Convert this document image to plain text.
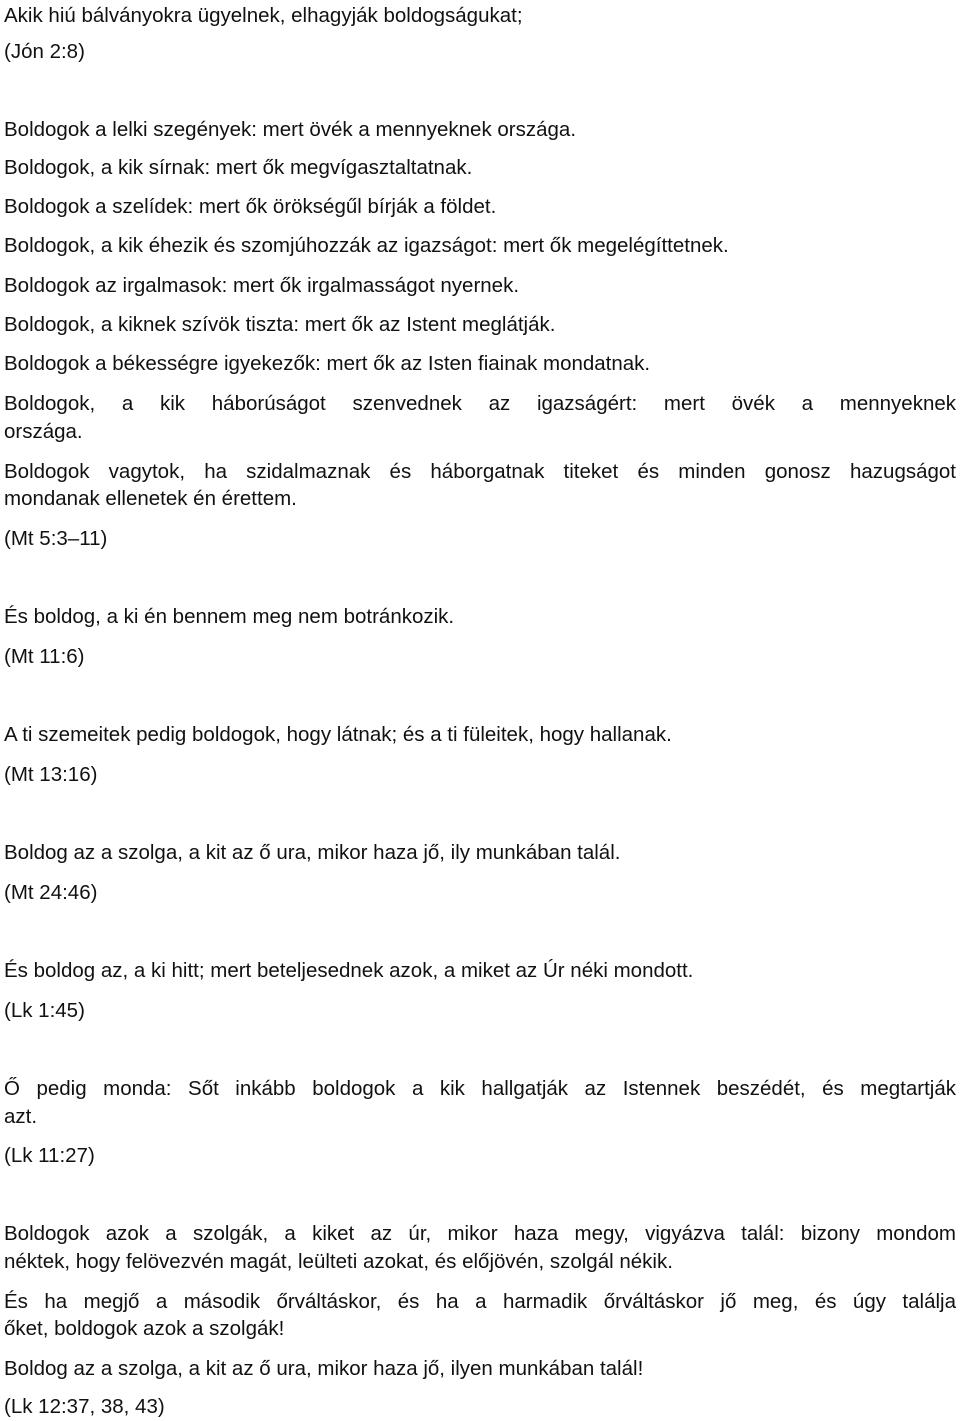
Akik hiú bálványokra ügyelnek, elhagyják boldogságukat;

(Jón 2:8)

Boldogok a lelki szegények: mert övék a mennyeknek országa.

Boldogok, a kik sírnak: mert ők megvígasztaltatnak.

Boldogok a szelídek: mert ők örökségűl bírják a földet.

Boldogok, a kik éhezik és szomjúhozzák az igazságot: mert ők megelégíttetnek.

Boldogok az irgalmasok: mert ők irgalmasságot nyernek.

Boldogok, a kiknek szívök tiszta: mert ők az Istent meglátják.

Boldogok a békességre igyekezők: mert ők az Isten fiainak mondatnak.

Boldogok, a kik háborúságot szenvednek az igazságért: mert övék a mennyeknek

országa.

Boldogok vagytok, ha szidalmaznak és háborgatnak titeket és minden gonosz hazugságot

mondanak ellenetek én érettem.

(Mt 5:3–11)

És boldog, a ki én bennem meg nem botránkozik.

(Mt 11:6)

A ti szemeitek pedig boldogok, hogy látnak; és a ti füleitek, hogy hallanak.

(Mt 13:16)

Boldog az a szolga, a kit az ő ura, mikor haza jő, ily munkában talál.

(Mt 24:46)

És boldog az, a ki hitt; mert beteljesednek azok, a miket az Úr néki mondott.

(Lk 1:45)

Ő pedig monda: Sőt inkább boldogok a kik hallgatják az Istennek beszédét, és megtartják

azt.

(Lk 11:27)

Boldogok azok a szolgák, a kiket az úr, mikor haza megy, vigyázva talál: bizony mondom

néktek, hogy felövezvén magát, leülteti azokat, és előjövén, szolgál nékik.

És ha megjő a második őrváltáskor, és ha a harmadik őrváltáskor jő meg, és úgy találja

őket, boldogok azok a szolgák!

Boldog az a szolga, a kit az ő ura, mikor haza jő, ilyen munkában talál!

(Lk 12:37, 38, 43)
